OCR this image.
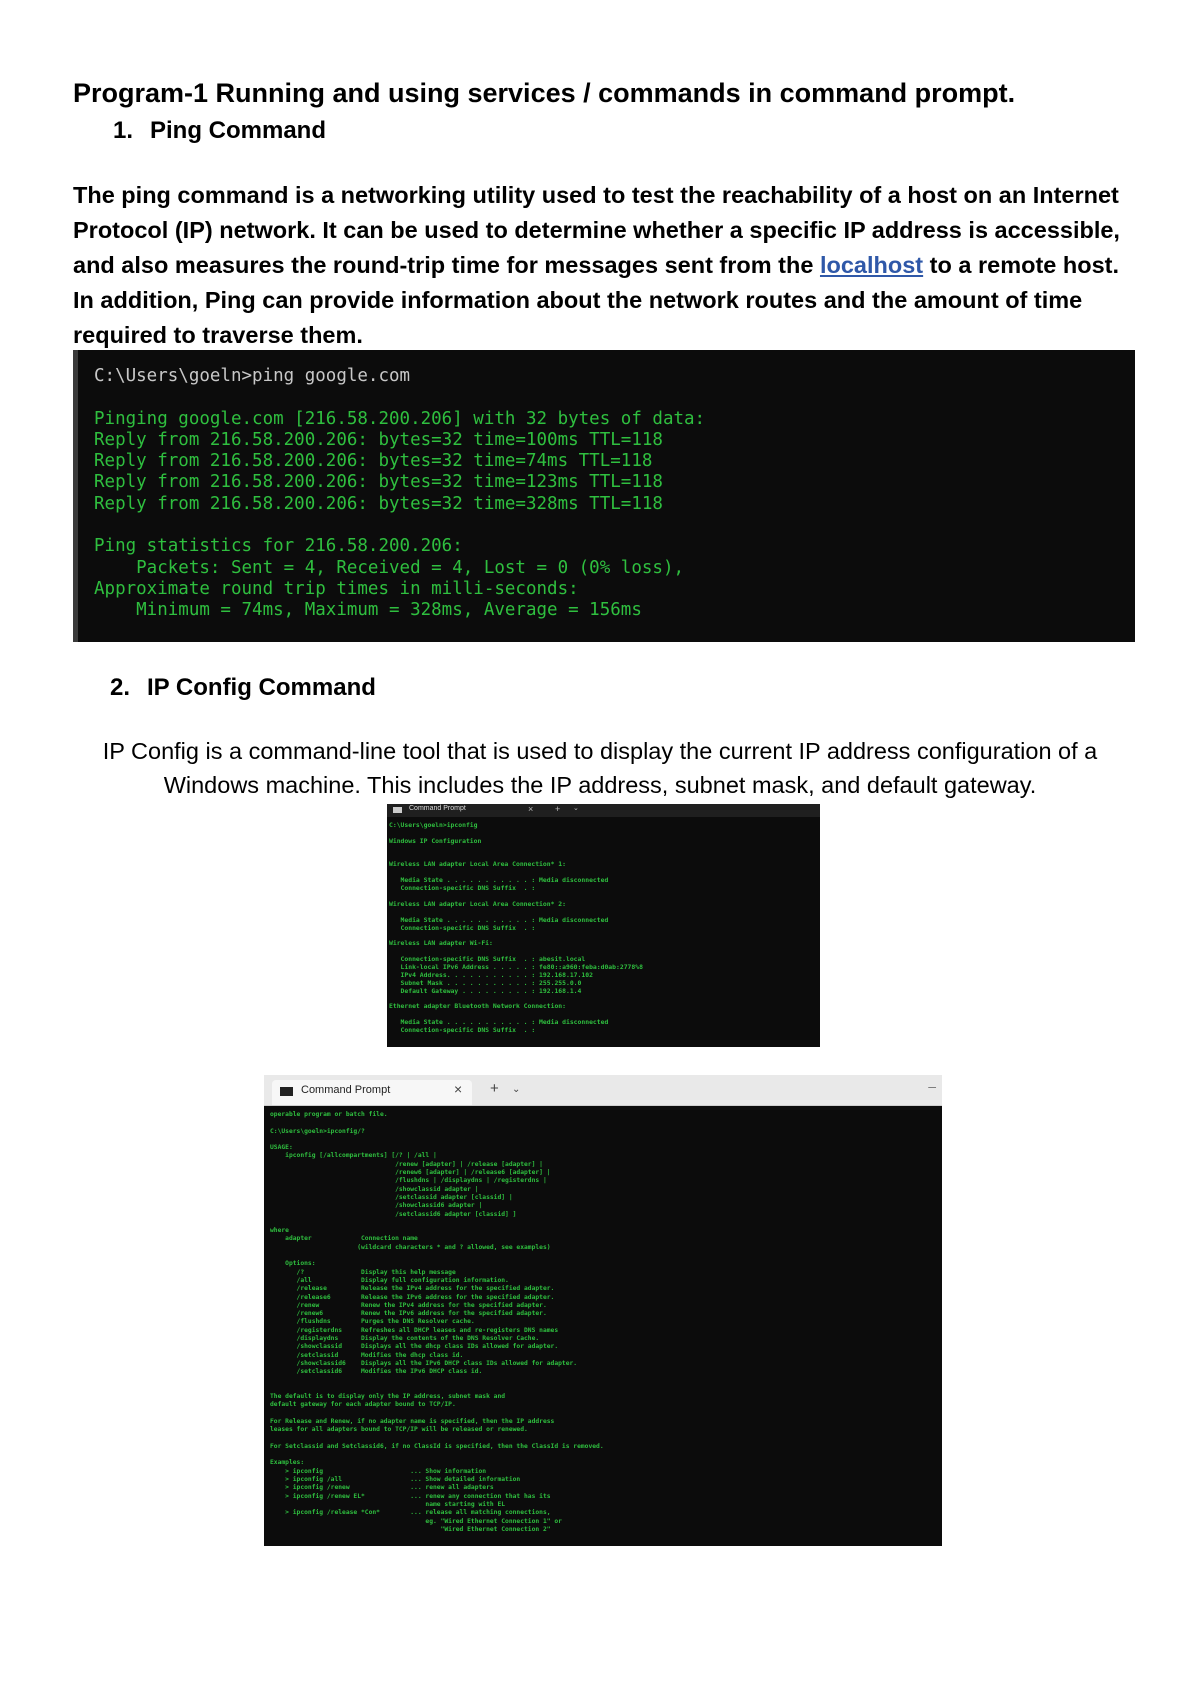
Program-1 Running and using services / commands in command prompt.
1. Ping Command
The ping command is a networking utility used to test the reachability of a host on an Internet Protocol (IP) network. It can be used to determine whether a specific IP address is accessible, and also measures the round-trip time for messages sent from the localhost to a remote host. In addition, Ping can provide information about the network routes and the amount of time required to traverse them.
C:\Users\goeln>ping google.com
Pinging google.com [216.58.200.206] with 32 bytes of data:
Reply from 216.58.200.206: bytes=32 time=100ms TTL=118
Reply from 216.58.200.206: bytes=32 time=74ms TTL=118
Reply from 216.58.200.206: bytes=32 time=123ms TTL=118
Reply from 216.58.200.206: bytes=32 time=328ms TTL=118
Ping statistics for 216.58.200.206:
Packets: Sent = 4, Received = 4, Lost = 0 (0% loss),
Approximate round trip times in milli-seconds:
Minimum = 74ms, Maximum = 328ms, Average = 156ms
2. IP Config Command
IP Config is a command-line tool that is used to display the current IP address configuration of a Windows machine. This includes the IP address, subnet mask, and default gateway.
Command Prompt	× + ⌄
C:\Users\goeln>ipconfig
Windows IP Configuration
Wireless LAN adapter Local Area Connection* 1:
Media State . . . . . . . . . . . : Media disconnected
Connection-specific DNS Suffix  . :
Wireless LAN adapter Local Area Connection* 2:
Media State . . . . . . . . . . . : Media disconnected
Connection-specific DNS Suffix  . :
Wireless LAN adapter Wi-Fi:
Connection-specific DNS Suffix  . : abesit.local
Link-local IPv6 Address . . . . . : fe80::a960:feba:d0ab:2778%8
IPv4 Address. . . . . . . . . . . : 192.168.17.102
Subnet Mask . . . . . . . . . . . : 255.255.0.0
Default Gateway . . . . . . . . . : 192.168.1.4
Ethernet adapter Bluetooth Network Connection:
Media State . . . . . . . . . . . : Media disconnected
Connection-specific DNS Suffix  . :
Command Prompt	× + ⌄	–
operable program or batch file.
C:\Users\goeln>ipconfig/?
USAGE:
ipconfig [/allcompartments] [/? | /all |
/renew [adapter] | /release [adapter] |
/renew6 [adapter] | /release6 [adapter] |
/flushdns | /displaydns | /registerdns |
/showclassid adapter |
/setclassid adapter [classid] |
/showclassid6 adapter |
/setclassid6 adapter [classid] ]
where
adapter             Connection name
(wildcard characters * and ? allowed, see examples)
Options:
/?               Display this help message
/all             Display full configuration information.
/release         Release the IPv4 address for the specified adapter.
/release6        Release the IPv6 address for the specified adapter.
/renew           Renew the IPv4 address for the specified adapter.
/renew6          Renew the IPv6 address for the specified adapter.
/flushdns        Purges the DNS Resolver cache.
/registerdns     Refreshes all DHCP leases and re-registers DNS names
/displaydns      Display the contents of the DNS Resolver Cache.
/showclassid     Displays all the dhcp class IDs allowed for adapter.
/setclassid      Modifies the dhcp class id.
/showclassid6    Displays all the IPv6 DHCP class IDs allowed for adapter.
/setclassid6     Modifies the IPv6 DHCP class id.
The default is to display only the IP address, subnet mask and
default gateway for each adapter bound to TCP/IP.
For Release and Renew, if no adapter name is specified, then the IP address
leases for all adapters bound to TCP/IP will be released or renewed.
For Setclassid and Setclassid6, if no ClassId is specified, then the ClassId is removed.
Examples:
> ipconfig                       ... Show information
> ipconfig /all                  ... Show detailed information
> ipconfig /renew                ... renew all adapters
> ipconfig /renew EL*            ... renew any connection that has its
name starting with EL
> ipconfig /release *Con*        ... release all matching connections,
eg. "Wired Ethernet Connection 1" or
"Wired Ethernet Connection 2"
